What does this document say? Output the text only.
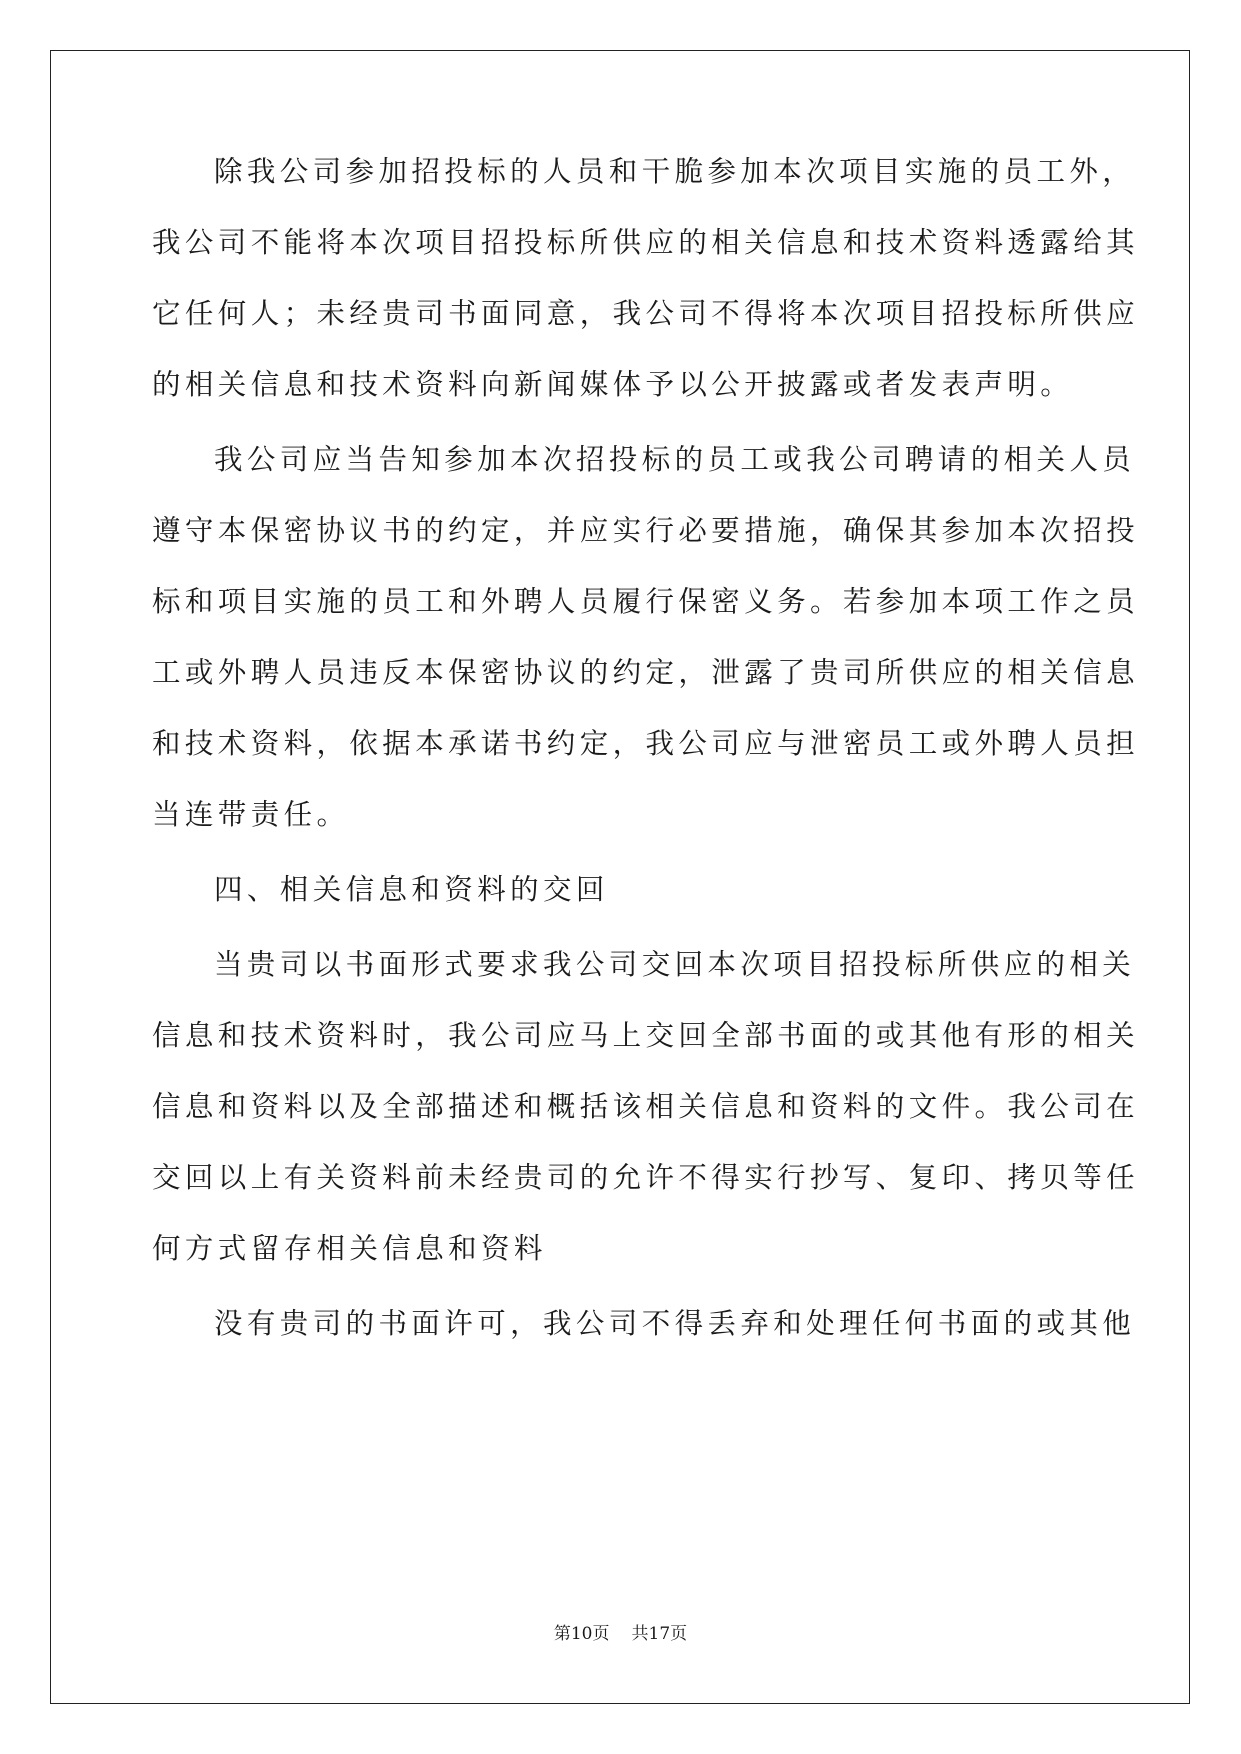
除我公司参加招投标的人员和干脆参加本次项目实施的员工外，
我公司不能将本次项目招投标所供应的相关信息和技术资料透露给其
它任何人；未经贵司书面同意，我公司不得将本次项目招投标所供应
的相关信息和技术资料向新闻媒体予以公开披露或者发表声明。
我公司应当告知参加本次招投标的员工或我公司聘请的相关人员
遵守本保密协议书的约定，并应实行必要措施，确保其参加本次招投
标和项目实施的员工和外聘人员履行保密义务。若参加本项工作之员
工或外聘人员违反本保密协议的约定，泄露了贵司所供应的相关信息
和技术资料，依据本承诺书约定，我公司应与泄密员工或外聘人员担
当连带责任。
四、相关信息和资料的交回
当贵司以书面形式要求我公司交回本次项目招投标所供应的相关
信息和技术资料时，我公司应马上交回全部书面的或其他有形的相关
信息和资料以及全部描述和概括该相关信息和资料的文件。我公司在
交回以上有关资料前未经贵司的允许不得实行抄写、复印、拷贝等任
何方式留存相关信息和资料
没有贵司的书面许可，我公司不得丢弃和处理任何书面的或其他
第10页 共17页
